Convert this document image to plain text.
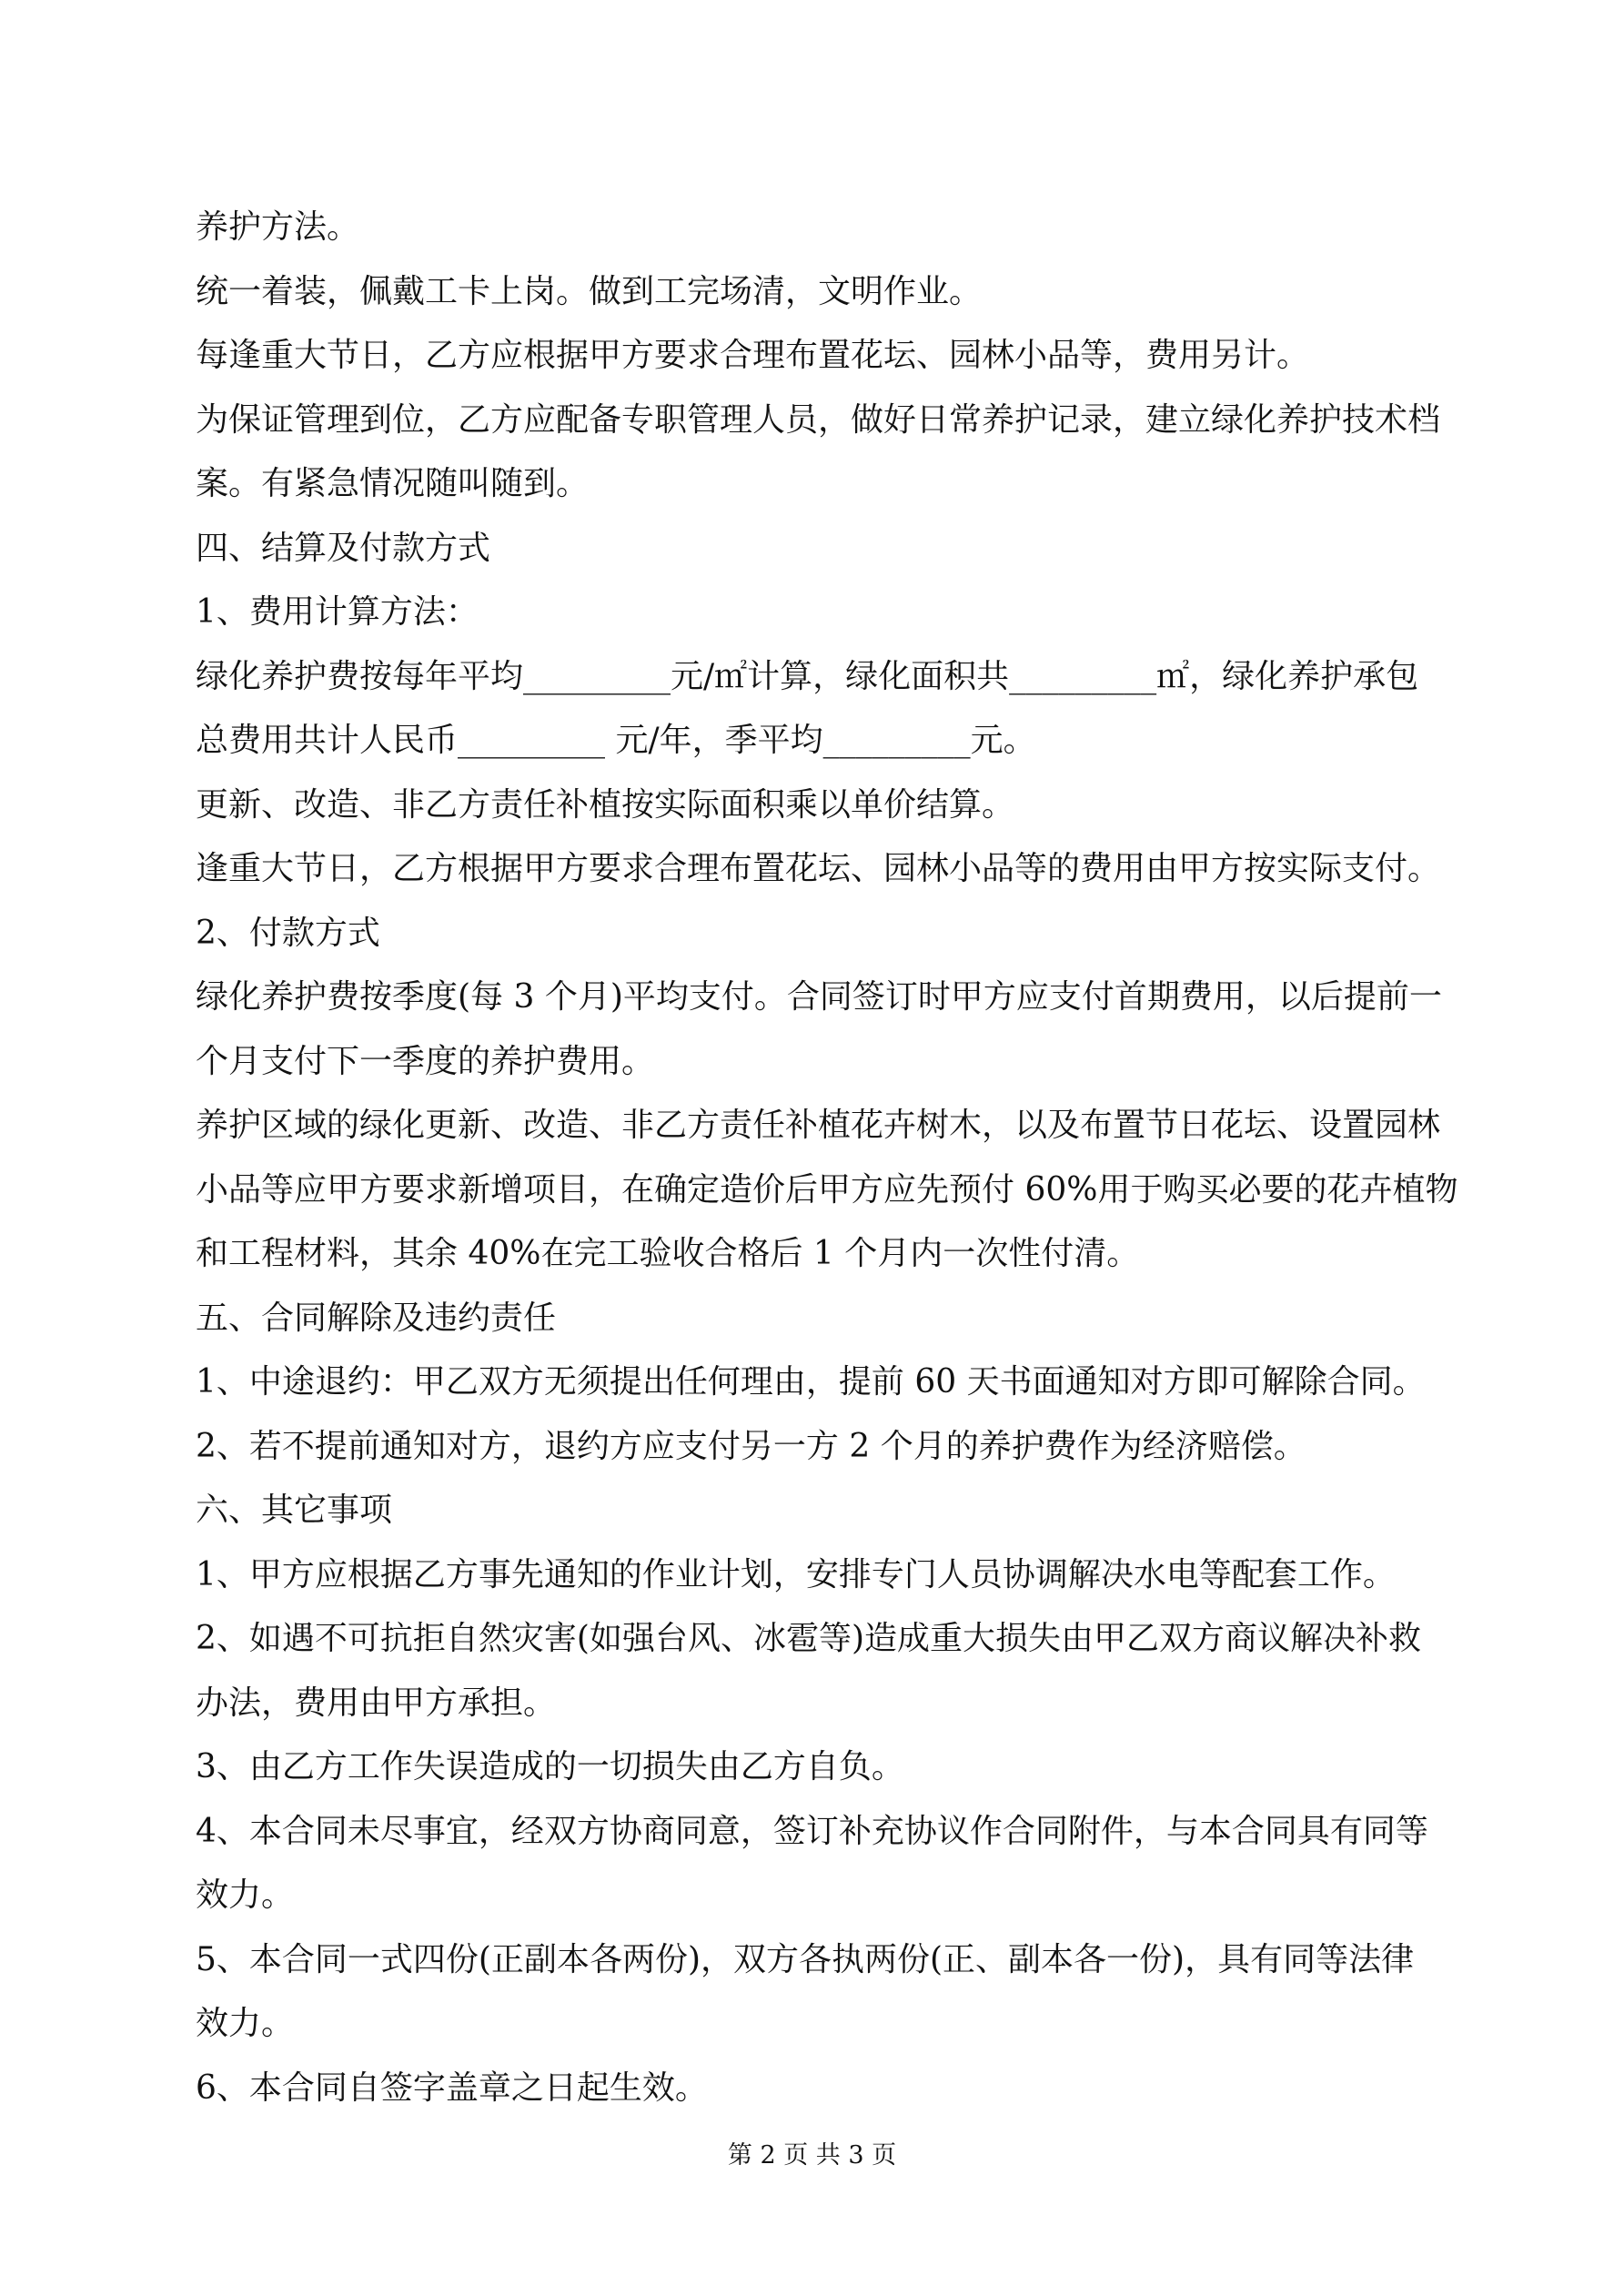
养护方法。
统一着装，佩戴工卡上岗。做到工完场清，文明作业。
每逢重大节日，乙方应根据甲方要求合理布置花坛、园林小品等，费用另计。
为保证管理到位，乙方应配备专职管理人员，做好日常养护记录，建立绿化养护技术档
案。有紧急情况随叫随到。
四、结算及付款方式
1、费用计算方法：
绿化养护费按每年平均_________元/㎡计算，绿化面积共_________㎡，绿化养护承包
总费用共计人民币_________ 元/年，季平均_________元。
更新、改造、非乙方责任补植按实际面积乘以单价结算。
逢重大节日，乙方根据甲方要求合理布置花坛、园林小品等的费用由甲方按实际支付。
2、付款方式
绿化养护费按季度(每 3 个月)平均支付。合同签订时甲方应支付首期费用，以后提前一
个月支付下一季度的养护费用。
养护区域的绿化更新、改造、非乙方责任补植花卉树木，以及布置节日花坛、设置园林
小品等应甲方要求新增项目，在确定造价后甲方应先预付 60%用于购买必要的花卉植物
和工程材料，其余 40%在完工验收合格后 1 个月内一次性付清。
五、合同解除及违约责任
1、中途退约：甲乙双方无须提出任何理由，提前 60 天书面通知对方即可解除合同。
2、若不提前通知对方，退约方应支付另一方 2 个月的养护费作为经济赔偿。
六、其它事项
1、甲方应根据乙方事先通知的作业计划，安排专门人员协调解决水电等配套工作。
2、如遇不可抗拒自然灾害(如强台风、冰雹等)造成重大损失由甲乙双方商议解决补救
办法，费用由甲方承担。
3、由乙方工作失误造成的一切损失由乙方自负。
4、本合同未尽事宜，经双方协商同意，签订补充协议作合同附件，与本合同具有同等
效力。
5、本合同一式四份(正副本各两份)，双方各执两份(正、副本各一份)，具有同等法律
效力。
6、本合同自签字盖章之日起生效。
第 2 页 共 3 页
